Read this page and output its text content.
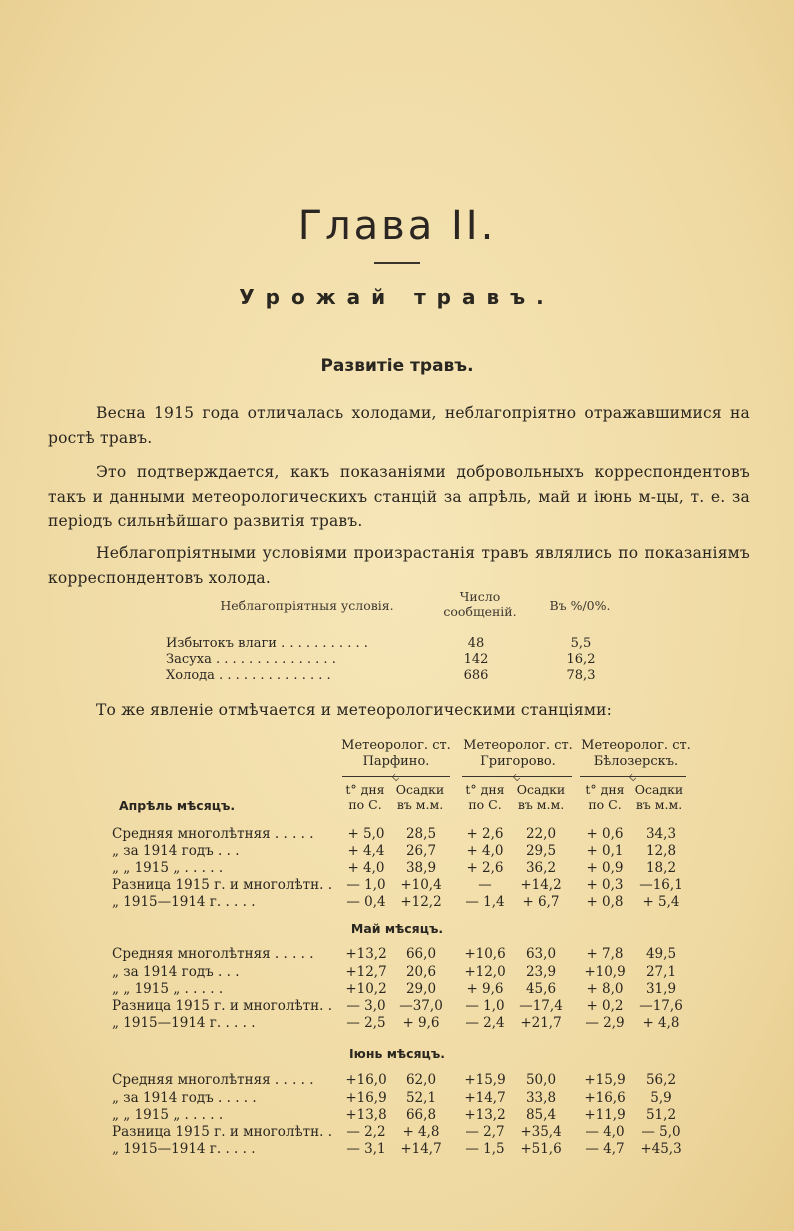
Глава II.
Урожай травъ.
Развитіе травъ.
Весна 1915 года отличалась холодами, неблагопріятно отражавшимися на ростѣ травъ.
Это подтверждается, какъ показаніями добровольныхъ корреспондентовъ такъ и данными метеорологическихъ станцій за апрѣль, май и іюнь м-цы, т. е. за періодъ сильнѣйшаго развитія травъ.
Неблагопріятными условіями произрастанія травъ являлись по показаніямъ корреспондентовъ холода.
Неблагопріятныя условія.
Число сообщеній.	Въ %/0%.
Избытокъ влаги . . . . . . . . . . .	48	5,5
Засуха . . . . . . . . . . . . . . .	142	16,2
Холода . . . . . . . . . . . . . .	686	78,3
То же явленіе отмѣчается и метеорологическими станціями:
Метеоролог. ст.
Парфино.
Метеоролог. ст.
Григорово.
Метеоролог. ст.
Бѣлозерскъ.
t° дня по С.
Осадки въ м.м.
t° дня по С.
Осадки въ м.м.
t° дня по С.
Осадки въ м.м.
Апрѣль мѣсяцъ.
Средняя многолѣтняя . . . . .	+ 5,0	28,5	+ 2,6	22,0	+ 0,6	34,3
„ за 1914 годъ . . .	+ 4,4	26,7	+ 4,0	29,5	+ 0,1	12,8
„ „ 1915 „ . . . . .	+ 4,0	38,9	+ 2,6	36,2	+ 0,9	18,2
Разница 1915 г. и многолѣтн. .	— 1,0	+10,4	—	+14,2	+ 0,3	—16,1
„ 1915—1914 г. . . . .	— 0,4	+12,2	— 1,4	+ 6,7	+ 0,8	+ 5,4
Май мѣсяцъ.
Средняя многолѣтняя . . . . .	+13,2	66,0	+10,6	63,0	+ 7,8	49,5
„ за 1914 годъ . . .	+12,7	20,6	+12,0	23,9	+10,9	27,1
„ „ 1915 „ . . . . .	+10,2	29,0	+ 9,6	45,6	+ 8,0	31,9
Разница 1915 г. и многолѣтн. .	— 3,0	—37,0	— 1,0	—17,4	+ 0,2	—17,6
„ 1915—1914 г. . . . .	— 2,5	+ 9,6	— 2,4	+21,7	— 2,9	+ 4,8
Іюнь мѣсяцъ.
Средняя многолѣтняя . . . . .	+16,0	62,0	+15,9	50,0	+15,9	56,2
„ за 1914 годъ . . . . .	+16,9	52,1	+14,7	33,8	+16,6	5,9
„ „ 1915 „ . . . . .	+13,8	66,8	+13,2	85,4	+11,9	51,2
Разница 1915 г. и многолѣтн. .	— 2,2	+ 4,8	— 2,7	+35,4	— 4,0	— 5,0
„ 1915—1914 г. . . . .	— 3,1	+14,7	— 1,5	+51,6	— 4,7	+45,3
